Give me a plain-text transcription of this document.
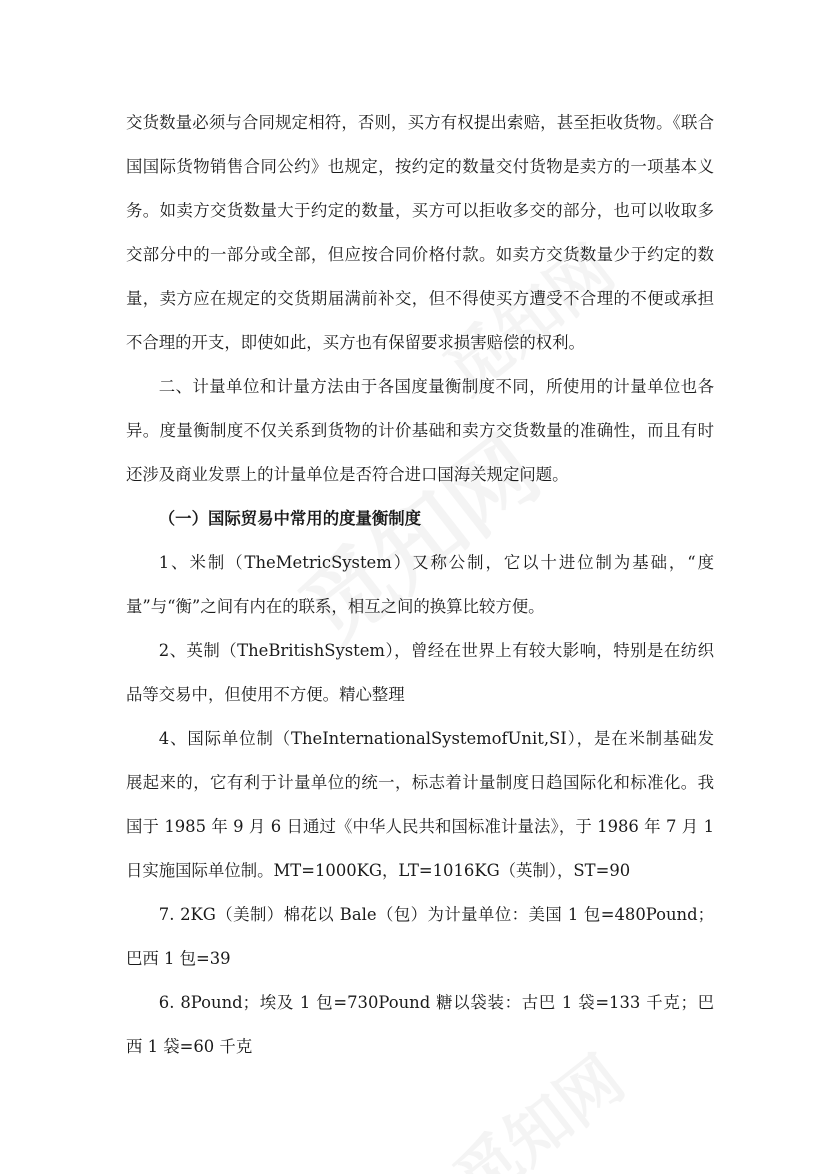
交货数量必须与合同规定相符，否则，买方有权提出索赔，甚至拒收货物。《联合国国际货物销售合同公约》也规定，按约定的数量交付货物是卖方的一项基本义务。如卖方交货数量大于约定的数量，买方可以拒收多交的部分，也可以收取多交部分中的一部分或全部，但应按合同价格付款。如卖方交货数量少于约定的数量，卖方应在规定的交货期届满前补交，但不得使买方遭受不合理的不便或承担不合理的开支，即使如此，买方也有保留要求损害赔偿的权利。

二、计量单位和计量方法由于各国度量衡制度不同，所使用的计量单位也各异。度量衡制度不仅关系到货物的计价基础和卖方交货数量的准确性，而且有时还涉及商业发票上的计量单位是否符合进口国海关规定问题。

（一）国际贸易中常用的度量衡制度

1、米制（TheMetricSystem）又称公制，它以十进位制为基础，“度量”与“衡”之间有内在的联系，相互之间的换算比较方便。

2、英制（TheBritishSystem），曾经在世界上有较大影响，特别是在纺织品等交易中，但使用不方便。精心整理

4、国际单位制（TheInternationalSystemofUnit,SI），是在米制基础发展起来的，它有利于计量单位的统一，标志着计量制度日趋国际化和标准化。我国于 1985 年 9 月 6 日通过《中华人民共和国标准计量法》，于 1986 年 7 月 1 日实施国际单位制。MT=1000KG，LT=1016KG（英制），ST=90

7. 2KG（美制）棉花以 Bale（包）为计量单位：美国 1 包=480Pound；巴西 1 包=39

6. 8Pound；埃及 1 包=730Pound 糖以袋装：古巴 1 袋=133 千克；巴西 1 袋=60 千克
